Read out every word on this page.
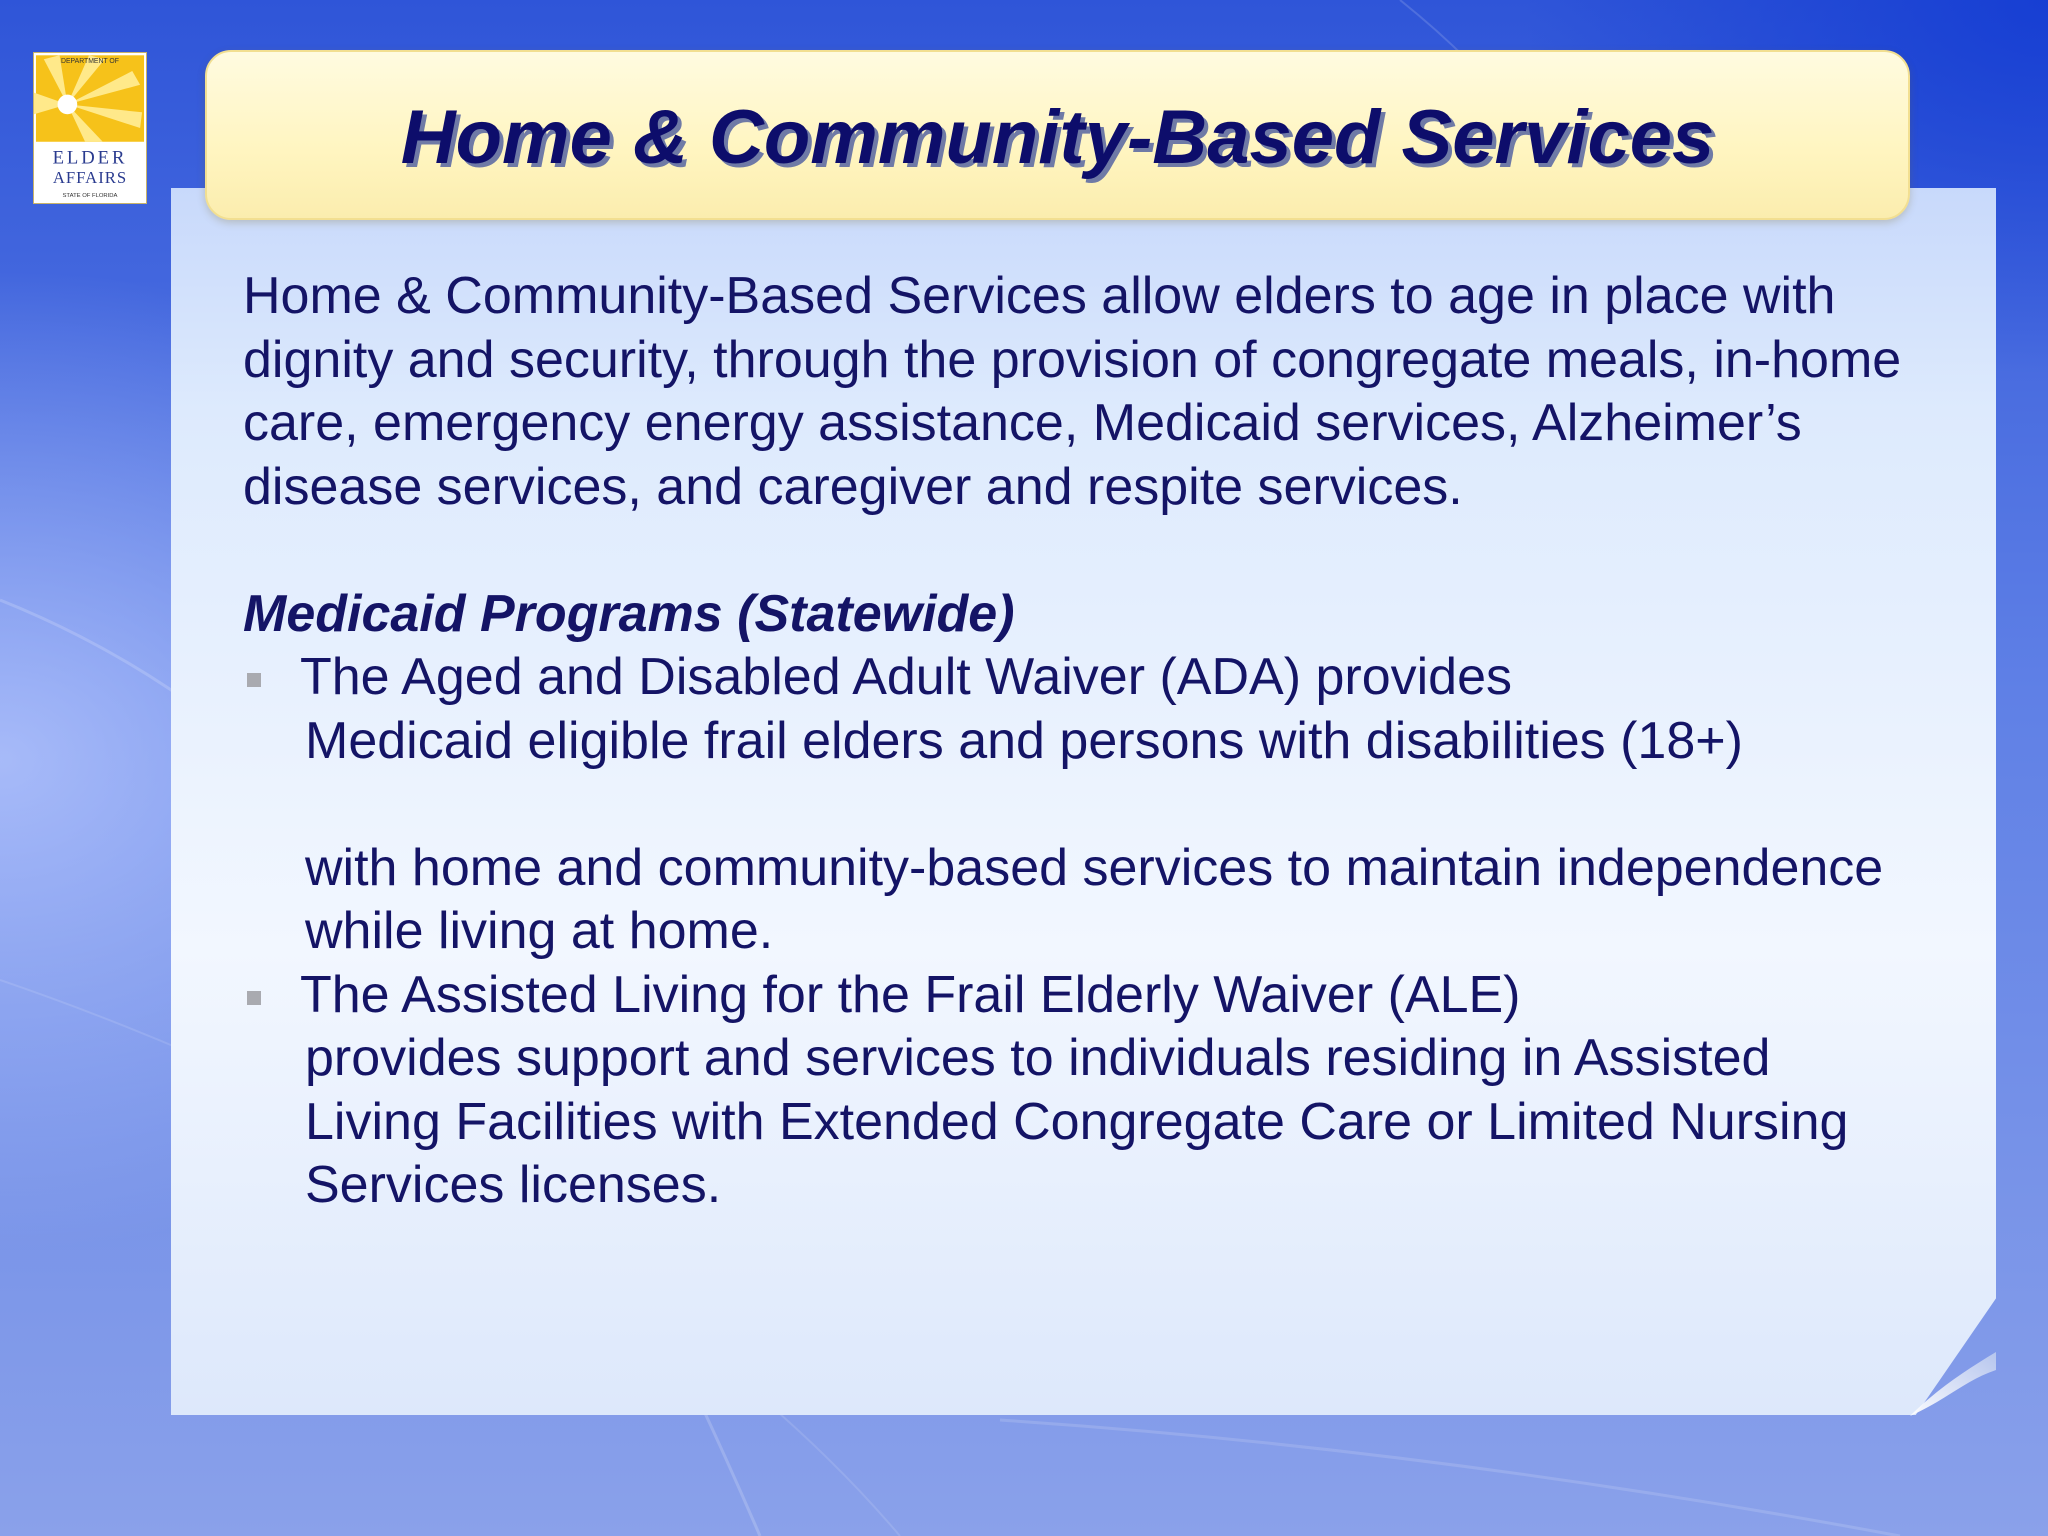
DEPARTMENT OF
ELDER
AFFAIRS
STATE OF FLORIDA
Home & Community-Based Services

Home & Community-Based Services allow elders to age in place with dignity and security, through the provision of congregate meals, in-home care, emergency energy assistance, Medicaid services, Alzheimer’s disease services, and caregiver and respite services.

Medicaid Programs (Statewide)

The Aged and Disabled Adult Waiver (ADA) provides
Medicaid eligible frail elders and persons with disabilities (18+)
with home and community-based services to maintain independence while living at home.
The Assisted Living for the Frail Elderly Waiver (ALE)
provides support and services to individuals residing in Assisted Living Facilities with Extended Congregate Care or Limited Nursing Services licenses.
